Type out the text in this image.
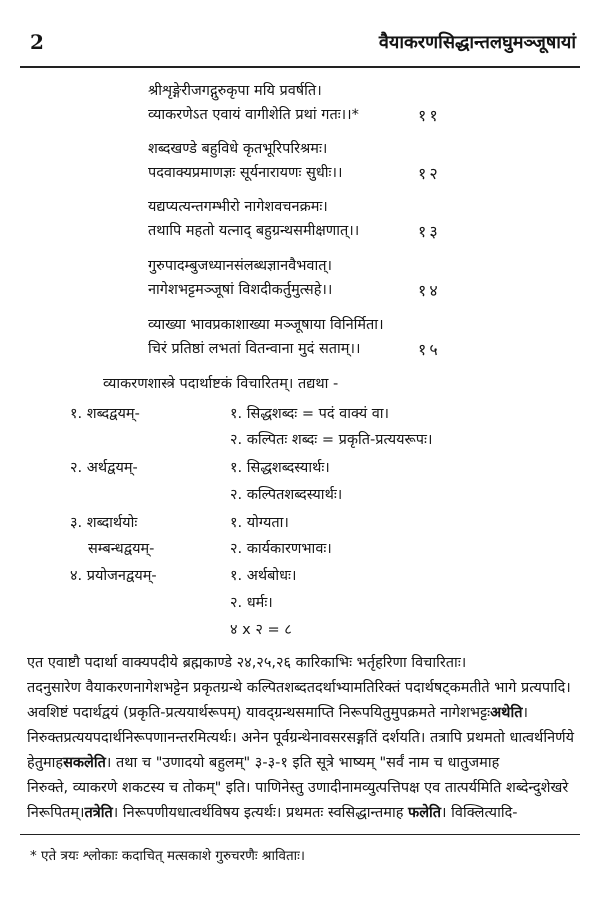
2	वैयाकरणसिद्धान्तलघुमञ्जूषायां
श्रीशृङ्गेरीजगद्गुरुकृपा मयि प्रवर्षति।
व्याकरणेऽत एवायं वागीशेति प्रथां गतः।।*	११
शब्दखण्डे बहुविधे कृतभूरिपरिश्रमः।
पदवाक्यप्रमाणज्ञः सूर्यनारायणः सुधीः।।	१२
यद्यप्यत्यन्तगम्भीरो नागेशवचनक्रमः।
तथापि महतो यत्नाद् बहुग्रन्थसमीक्षणात्।।	१३
गुरुपादम्बुजध्यानसंलब्धज्ञानवैभवात्।
नागेशभट्टमञ्जूषां विशदीकर्तुमुत्सहे।।	१४
व्याख्या भावप्रकाशाख्या मञ्जूषाया विनिर्मिता।
चिरं प्रतिष्ठां लभतां वितन्वाना मुदं सताम्।।	१५
व्याकरणशास्त्रे पदार्थाष्टकं विचारितम्। तद्यथा -
१. शब्दद्वयम्-	१. सिद्धशब्दः = पदं वाक्यं वा।
२. कल्पितः शब्दः = प्रकृति-प्रत्ययरूपः।
२. अर्थद्वयम्-	१. सिद्धशब्दस्यार्थः।
२. कल्पितशब्दस्यार्थः।
३. शब्दार्थयोः	१. योग्यता।
सम्बन्धद्वयम्-	२. कार्यकारणभावः।
४. प्रयोजनद्वयम्-	१. अर्थबोधः।
२. धर्मः।
४ x २ = ८
एत एवाष्टौ पदार्था वाक्यपदीये ब्रह्मकाण्डे २४,२५,२६ कारिकाभिः भर्तृहरिणा विचारिताः।
तदनुसारेण वैयाकरणनागेशभट्टेन प्रकृतग्रन्थे कल्पितशब्दतदर्थाभ्यामतिरिक्तं पदार्थषट्कमतीते भागे प्रत्यपादि।
अवशिष्टं पदार्थद्वयं (प्रकृति-प्रत्ययार्थरूपम्) यावद्ग्रन्थसमाप्ति निरूपयितुमुपक्रमते नागेशभट्टःअथेति।
निरुक्तप्रत्ययपदार्थनिरूपणानन्तरमित्यर्थः। अनेन पूर्वग्रन्थेनावसरसङ्गतिं दर्शयति। तत्रापि प्रथमतो धात्वर्थनिर्णये
हेतुमाहसकलेति। तथा च "उणादयो बहुलम्" ३-३-१ इति सूत्रे भाष्यम् "सर्वं नाम च धातुजमाह
निरुक्ते, व्याकरणे शकटस्य च तोकम्" इति। पाणिनेस्तु उणादीनामव्युत्पत्तिपक्ष एव तात्पर्यमिति शब्देन्दुशेखरे
निरूपितम्।तत्रेति। निरूपणीयधात्वर्थविषय इत्यर्थः। प्रथमतः स्वसिद्धान्तमाह फलेति। विक्लित्यादि-
* एते त्रयः श्लोकाः कदाचित् मत्सकाशे गुरुचरणैः श्राविताः।
